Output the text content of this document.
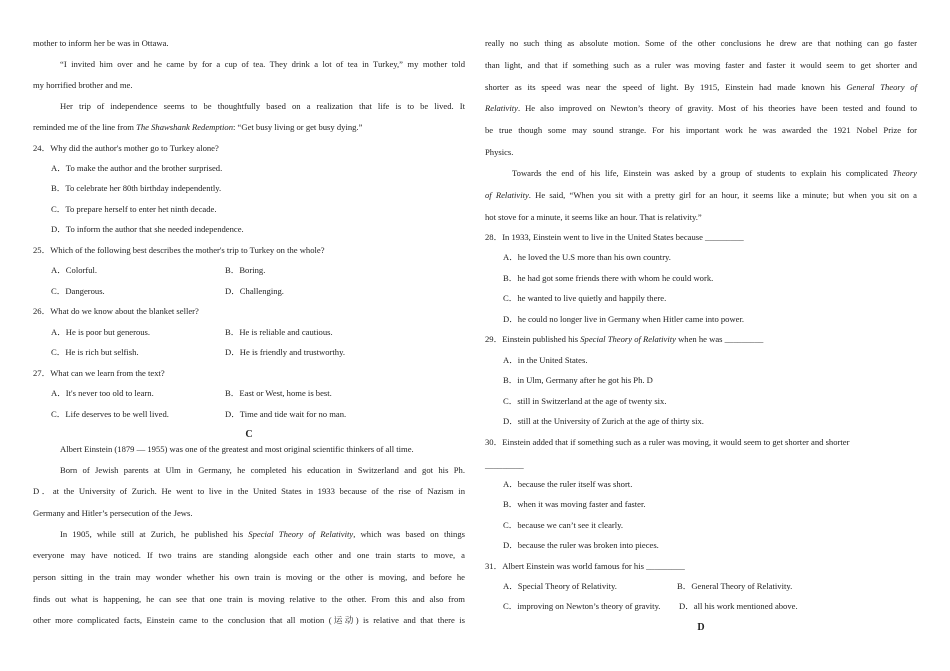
mother to inform her be was in Ottawa.
“I invited him over and he came by for a cup of tea. They drink a lot of tea in Turkey,” my mother told
my horrified brother and me.
Her trip of independence seems to be thoughtfully based on a realization that life is to be lived. It
reminded me of the line from The Shawshank Redemption: “Get busy living or get busy dying.”
24．Why did the author's mother go to Turkey alone?
A．To make the author and the brother surprised.
B．To celebrate her 80th birthday independently.
C．To prepare herself to enter het ninth decade.
D．To inform the author that she needed independence.
25．Which of the following best describes the mother's trip to Turkey on the whole?
A．Colorful.	B．Boring.
C．Dangerous.	D．Challenging.
26．What do we know about the blanket seller?
A．He is poor but generous.	B．He is reliable and cautious.
C．He is rich but selfish.	D．He is friendly and trustworthy.
27．What can we learn from the text?
A．It's never too old to learn.	B．East or West, home is best.
C．Life deserves to be well lived.	D．Time and tide wait for no man.
C
Albert Einstein (1879 — 1955) was one of the greatest and most original scientific thinkers of all time.
Born of Jewish parents at Ulm in Germany, he completed his education in Switzerland and got his Ph.
D．at the University of Zurich. He went to live in the United States in 1933 because of the rise of Nazism in
Germany and Hitler’s persecution of the Jews.
In 1905, while still at Zurich, he published his Special Theory of Relativity, which was based on things
everyone may have noticed. If two trains are standing alongside each other and one train starts to move, a
person sitting in the train may wonder whether his own train is moving or the other is moving, and before he
finds out what is happening, he can see that one train is moving relative to the other. From this and also from
other more complicated facts, Einstein came to the conclusion that all motion (运动) is relative and that there is
really no such thing as absolute motion. Some of the other conclusions he drew are that nothing can go faster
than light, and that if something such as a ruler was moving faster and faster it would seem to get shorter and
shorter as its speed was near the speed of light. By 1915, Einstein had made known his General Theory of
Relativity. He also improved on Newton’s theory of gravity. Most of his theories have been tested and found to
be true though some may sound strange. For his important work he was awarded the 1921 Nobel Prize for
Physics.
Towards the end of his life, Einstein was asked by a group of students to explain his complicated Theory
of Relativity. He said, “When you sit with a pretty girl for an hour, it seems like a minute; but when you sit on a
hot stove for a minute, it seems like an hour. That is relativity.”
28．In 1933, Einstein went to live in the United States because _________
A．he loved the U.S more than his own country.
B．he had got some friends there with whom he could work.
C．he wanted to live quietly and happily there.
D．he could no longer live in Germany when Hitler came into power.
29．Einstein published his Special Theory of Relativity when he was _________
A．in the United States.
B．in Ulm, Germany after he got his Ph. D
C．still in Switzerland at the age of twenty six.
D．still at the University of Zurich at the age of thirty six.
30．Einstein added that if something such as a ruler was moving, it would seem to get shorter and shorter
_________
A．because the ruler itself was short.
B．when it was moving faster and faster.
C．because we can’t see it clearly.
D．because the ruler was broken into pieces.
31．Albert Einstein was world famous for his _________
A．Special Theory of Relativity.	B．General Theory of Relativity.
C．improving on Newton’s theory of gravity. D．all his work mentioned above.
D
